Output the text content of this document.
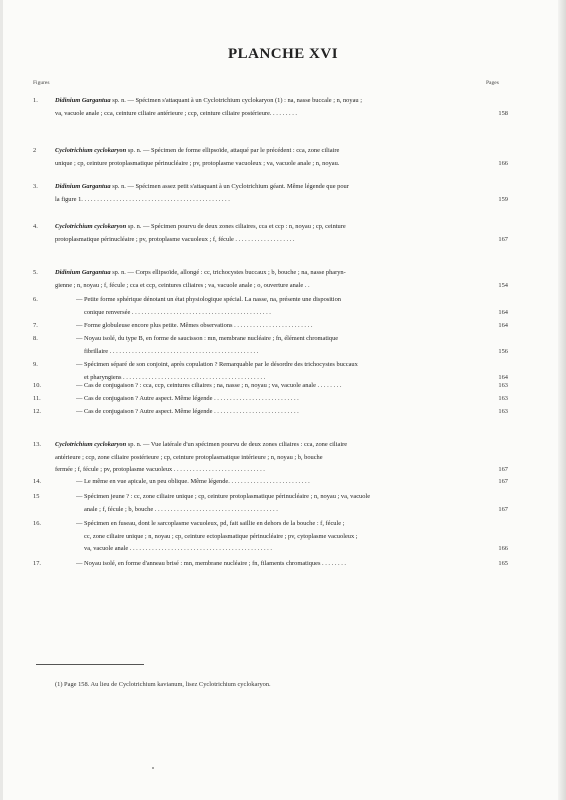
PLANCHE XVI
Figures	Pages
1.	Didinium Gargantua sp. n. — Spécimen s'attaquant à un Cyclotrichium cyclokaryon (1) : na, nasse buccale ; n, noyau ;
va, vacuole anale ; cca, ceinture ciliaire antérieure ; ccp, ceinture ciliaire postérieure. . . . . . . . .	158
2	Cyclotrichium cyclokaryon sp. n. — Spécimen de forme ellipsoïde, attaqué par le précédent : cca, zone ciliaire
unique ; cp, ceinture protoplasmatique périnucléaire ; pv, protoplasme vacuoleux ; va, vacuole anale ; n, noyau.	166
3.	Didinium Gargantua sp. n. — Spécimen assez petit s'attaquant à un Cyclotrichium géant. Même légende que pour
la figure 1. . . . . . . . . . . . . . . . . . . . . . . . . . . . . . . . . . . . . . . . . . . . . . .	159
4.	Cyclotrichium cyclokaryon sp. n. — Spécimen pourvu de deux zones ciliaires, cca et ccp : n, noyau ; cp, ceinture
protoplasmatique périnucléaire ; pv, protoplasme vacuoleux ; f, fécule . . . . . . . . . . . . . . . . . . .	167
5.	Didinium Gargantua sp. n. — Corps ellipsoïde, allongé : cc, trichocystes buccaux ; b, bouche ; na, nasse pharyn-
gienne ; n, noyau ; f, fécule ; cca et ccp, ceintures ciliaires ; va, vacuole anale ; o, ouverture anale . .	154
6.	— Petite forme sphérique dénotant un état physiologique spécial. La nasse, na, présente une disposition
conique renversée . . . . . . . . . . . . . . . . . . . . . . . . . . . . . . . . . . . . . . . . . . . .	164
7.	— Forme globuleuse encore plus petite. Mêmes observations . . . . . . . . . . . . . . . . . . . . . . . . .	164
8.	— Noyau isolé, du type B, en forme de saucisson : mn, membrane nucléaire ; fn, élément chromatique
fibrillaire . . . . . . . . . . . . . . . . . . . . . . . . . . . . . . . . . . . . . . . . . . . . . . .	156
9.	— Spécimen séparé de son conjoint, après copulation ? Remarquable par le désordre des trichocystes buccaux
et pharyngiens . . . . . . . . . . . . . . . . . . . . . . . . . . . . . . . . . . . . . . . . . . . . .	164
10.	— Cas de conjugaison ? : cca, ccp, ceintures ciliaires ; na, nasse ; n, noyau ; va, vacuole anale . . . . . . . .	163
11.	— Cas de conjugaison ? Autre aspect. Même légende . . . . . . . . . . . . . . . . . . . . . . . . . . .	163
12.	— Cas de conjugaison ? Autre aspect. Même légende . . . . . . . . . . . . . . . . . . . . . . . . . . .	163
13. Cyclotrichium cyclokaryon sp. n. — Vue latérale d'un spécimen pourvu de deux zones ciliaires : cca, zone ciliaire
antérieure ; ccp, zone ciliaire postérieure ; cp, ceinture protoplasmatique intérieure ; n, noyau ; b, bouche
fermée ; f, fécule ; pv, protoplasme vacuoleux . . . . . . . . . . . . . . . . . . . . . . . . . . . . .	167
14.	— Le même en vue apicale, un peu oblique. Même légende. . . . . . . . . . . . . . . . . . . . . . . . . .	167
15	— Spécimen jeune ? : cc, zone ciliaire unique ; cp, ceinture protoplasmatique périnucléaire ; n, noyau ; va, vacuole
anale ; f, fécule ; b, bouche . . . . . . . . . . . . . . . . . . . . . . . . . . . . . . . . . . . . . . .	167
16.	— Spécimen en fuseau, dont le sarcoplasme vacuoleux, pd, fait saillie en dehors de la bouche : f, fécule ;
cc, zone ciliaire unique ; n, noyau ; cp, ceinture ectoplasmatique périnucléaire ; pv, cytoplasme vacuoleux ;
va, vacuole anale . . . . . . . . . . . . . . . . . . . . . . . . . . . . . . . . . . . . . . . . . . . . .	166
17.	— Noyau isolé, en forme d'anneau brisé : mn, membrane nucléaire ; fn, filaments chromatiques . . . . . . . .	165
(1) Page 158. Au lieu de Cyclotrichium kavianum, lisez Cyclotrichium cyclokaryon.
